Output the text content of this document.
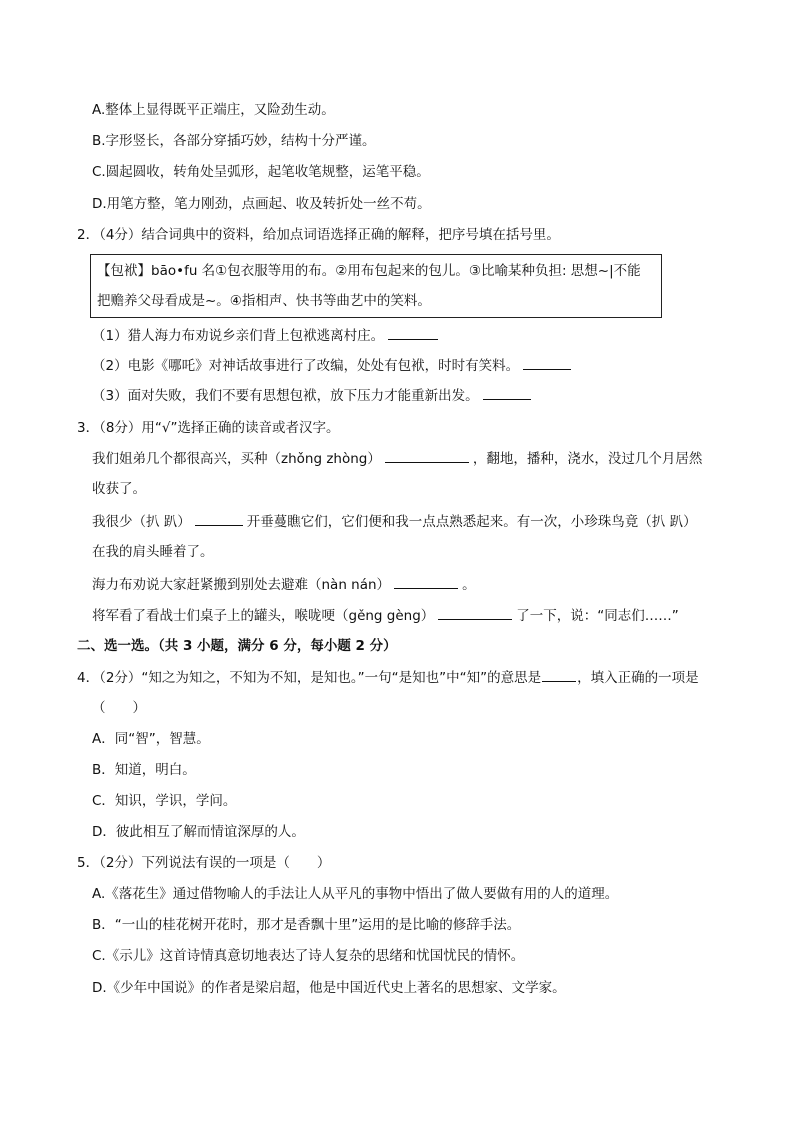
A.整体上显得既平正端庄，又险劲生动。
B.字形竖长，各部分穿插巧妙，结构十分严谨。
C.圆起圆收，转角处呈弧形，起笔收笔规整，运笔平稳。
D.用笔方整，笔力刚劲，点画起、收及转折处一丝不苟。
2．（4分）结合词典中的资料，给加点词语选择正确的解释，把序号填在括号里。
【包袱】bāo•fu 名①包衣服等用的布。②用布包起来的包儿。③比喻某种负担: 思想~|不能
把赡养父母看成是~。④指相声、快书等曲艺中的笑料。
（1）猎人海力布劝说乡亲们背上包袱逃离村庄。
（2）电影《哪吒》对神话故事进行了改编，处处有包袱，时时有笑料。
（3）面对失败，我们不要有思想包袱，放下压力才能重新出发。
3．（8分）用“√”选择正确的读音或者汉字。
我们姐弟几个都很高兴，买种（zhǒng zhòng）	，翻地，播种，浇水，没过几个月居然
收获了。
我很少（扒 趴）	开垂蔓瞧它们，它们便和我一点点熟悉起来。有一次，小珍珠鸟竟（扒 趴）
在我的肩头睡着了。
海力布劝说大家赶紧搬到别处去避难（nàn nán）	。
将军看了看战士们桌子上的罐头，喉咙哽（gěng gèng）	了一下，说：“同志们……”
二、选一选。（共 3 小题，满分 6 分，每小题 2 分）
4．（2分）“知之为知之，不知为不知，是知也。”一句“是知也”中“知”的意思是	，填入正确的一项是
（　　）
A．同“智”，智慧。
B．知道，明白。
C．知识，学识，学问。
D．彼此相互了解而情谊深厚的人。
5．（2分）下列说法有误的一项是（　　）
A.《落花生》通过借物喻人的手法让人从平凡的事物中悟出了做人要做有用的人的道理。
B．“一山的桂花树开花时，那才是香飘十里”运用的是比喻的修辞手法。
C.《示儿》这首诗情真意切地表达了诗人复杂的思绪和忧国忧民的情怀。
D.《少年中国说》的作者是梁启超，他是中国近代史上著名的思想家、文学家。
